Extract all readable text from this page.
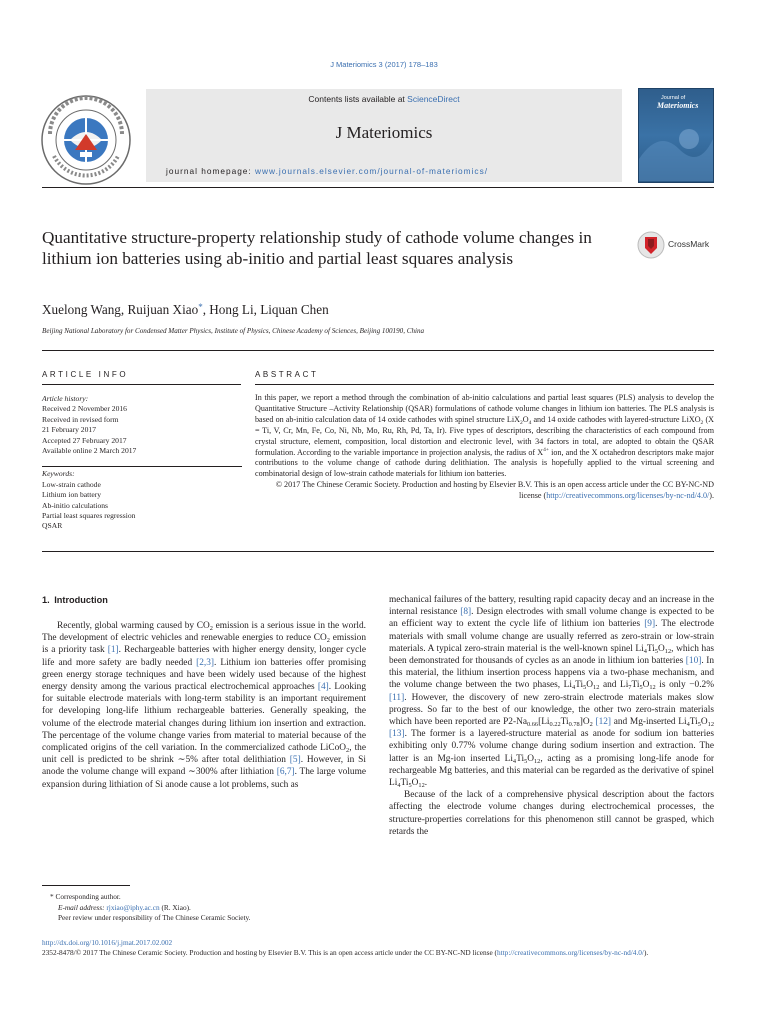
J Materiomics 3 (2017) 178–183
Contents lists available at ScienceDirect
J Materiomics
journal homepage: www.journals.elsevier.com/journal-of-materiomics/
Journal of
Materiomics
Quantitative structure-property relationship study of cathode volume changes in lithium ion batteries using ab-initio and partial least squares analysis
CrossMark
Xuelong Wang, Ruijuan Xiao*, Hong Li, Liquan Chen
Beijing National Laboratory for Condensed Matter Physics, Institute of Physics, Chinese Academy of Sciences, Beijing 100190, China
ARTICLE INFO	ABSTRACT
Article history:
Received 2 November 2016
Received in revised form
21 February 2017
Accepted 27 February 2017
Available online 2 March 2017
Keywords:
Low-strain cathode
Lithium ion battery
Ab-initio calculations
Partial least squares regression
QSAR

In this paper, we report a method through the combination of ab-initio calculations and partial least squares (PLS) analysis to develop the Quantitative Structure –Activity Relationship (QSAR) formulations of cathode volume changes in lithium ion batteries. The PLS analysis is based on ab-initio calculation data of 14 oxide cathodes with spinel structure $LiX_2O_4$ and 14 oxide cathodes with layered-structure LiXO$_2$ (X = Ti, V, Cr, Mn, Fe, Co, Ni, Nb, Mo, Ru, Rh, Pd, Ta, Ir). Five types of descriptors, describing the characteristics of each compound from crystal structure, element, composition, local distortion and electronic level, with 34 factors in total, are adopted to obtain the QSAR formulation. According to the variable importance in projection analysis, the radius of $X^{4+}$ ion, and the X octahedron descriptors make major contributions to the volume change of cathode during delithiation. The analysis is hopefully applied to the virtual screening and combinatorial design of low-strain cathode materials for lithium ion batteries.

© 2017 The Chinese Ceramic Society. Production and hosting by Elsevier B.V. This is an open access article under the CC BY-NC-ND license (http://creativecommons.org/licenses/by-nc-nd/4.0/).

1. Introduction

Recently, global warming caused by $CO_2$ emission is a serious issue in the world. The development of electric vehicles and renewable energies to reduce $CO_2$ emission is a priority task [1]. Rechargeable batteries with higher energy density, longer cycle life and more safety are badly needed [2,3]. Lithium ion batteries offer promising green energy storage techniques and have been widely used because of the highest energy density among the various practical electrochemical approaches [4]. Looking for suitable electrode materials with long-term stability is an important requirement for developing long-life lithium rechargeable batteries. Generally speaking, the volume of the electrode material changes during lithium ion insertion and extraction. The percentage of the volume change varies from material to material because of the complicated origins of the cell variation. In the commercialized cathode LiCoO$_2$, the unit cell is predicted to be shrink ∼5% after total delithiation [5]. However, in Si anode the volume change will expand ∼300% after lithiation [6,7]. The large volume expansion during lithiation of Si anode cause a lot problems, such as

mechanical failures of the battery, resulting rapid capacity decay and an increase in the internal resistance [8]. Design electrodes with small volume change is expected to be an efficient way to extent the cycle life of lithium ion batteries [9]. The electrode materials with small volume change are usually referred as zero-strain or low-strain materials. A typical zero-strain material is the well-known spinel $Li_4Ti_5O_{12}$, which has been demonstrated for thousands of cycles as an anode in lithium ion batteries [10]. In this material, the lithium insertion process happens via a two-phase mechanism, and the volume change between the two phases, $Li_4Ti_5O_{12}$ and $Li_7Ti_5O_{12}$ is only −0.2% [11]. However, the discovery of new zero-strain electrode materials makes slow progress. So far to the best of our knowledge, the other two zero-strain materials which have been reported are $P2-Na_{0.66}[Li_{0.22}Ti_{0.78}]O_2$ [12] and Mg-inserted $Li_4Ti_5O_{12}$ [13]. The former is a layered-structure material as anode for sodium ion batteries exhibiting only 0.77% volume change during sodium insertion and extraction. The latter is an Mg-ion inserted $Li_4Ti_5O_{12}$, acting as a promising long-life anode for rechargeable Mg batteries, and this material can be regarded as the derivative of spinel $Li_4Ti_5O_{12}$.

Because of the lack of a comprehensive physical description about the factors affecting the electrode volume changes during electrochemical processes, the structure-properties correlations for this phenomenon still cannot be grasped, which retards the

* Corresponding author.
E-mail address: rjxiao@iphy.ac.cn (R. Xiao).
Peer review under responsibility of The Chinese Ceramic Society.
http://dx.doi.org/10.1016/j.jmat.2017.02.002
2352-8478/© 2017 The Chinese Ceramic Society. Production and hosting by Elsevier B.V. This is an open access article under the CC BY-NC-ND license (http://creativecommons.org/licenses/by-nc-nd/4.0/).
